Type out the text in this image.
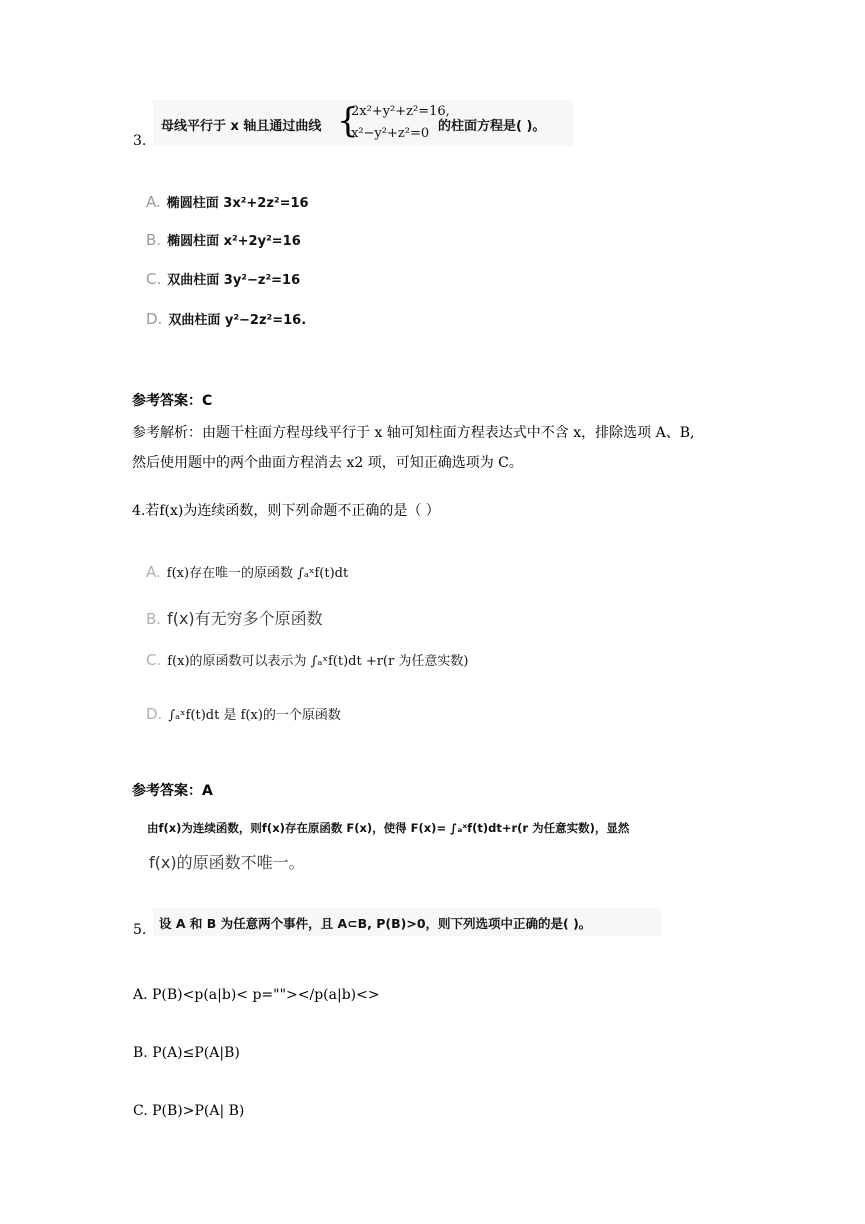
3.
母线平行于 x 轴且通过曲线 {
2x²+y²+z²=16,
x²−y²+z²=0 的柱面方程是( )。
A. 椭圆柱面 3x²+2z²=16
B. 椭圆柱面 x²+2y²=16
C. 双曲柱面 3y²−z²=16
D. 双曲柱面 y²−2z²=16.
参考答案：C
参考解析：由题干柱面方程母线平行于 x 轴可知柱面方程表达式中不含 x，排除选项 A、B,
然后使用题中的两个曲面方程消去 x2 项，可知正确选项为 C。
4.若f(x)为连续函数，则下列命题不正确的是（ ）
A. f(x)存在唯一的原函数 ∫ₐˣf(t)dt
B. f(x)有无穷多个原函数
C. f(x)的原函数可以表示为 ∫ₐˣf(t)dt +r(r 为任意实数)
D. ∫ₐˣf(t)dt 是 f(x)的一个原函数
参考答案：A
由f(x)为连续函数，则f(x)存在原函数 F(x)，使得 F(x)= ∫ₐˣf(t)dt+r(r 为任意实数)，显然
f(x)的原函数不唯一。
5. 设 A 和 B 为任意两个事件，且 A⊂B, P(B)>0，则下列选项中正确的是( )。
A. P(B)<p(a|b)< p=""></p(a|b)<>
B. P(A)≤P(A|B)
C. P(B)>P(A| B)
